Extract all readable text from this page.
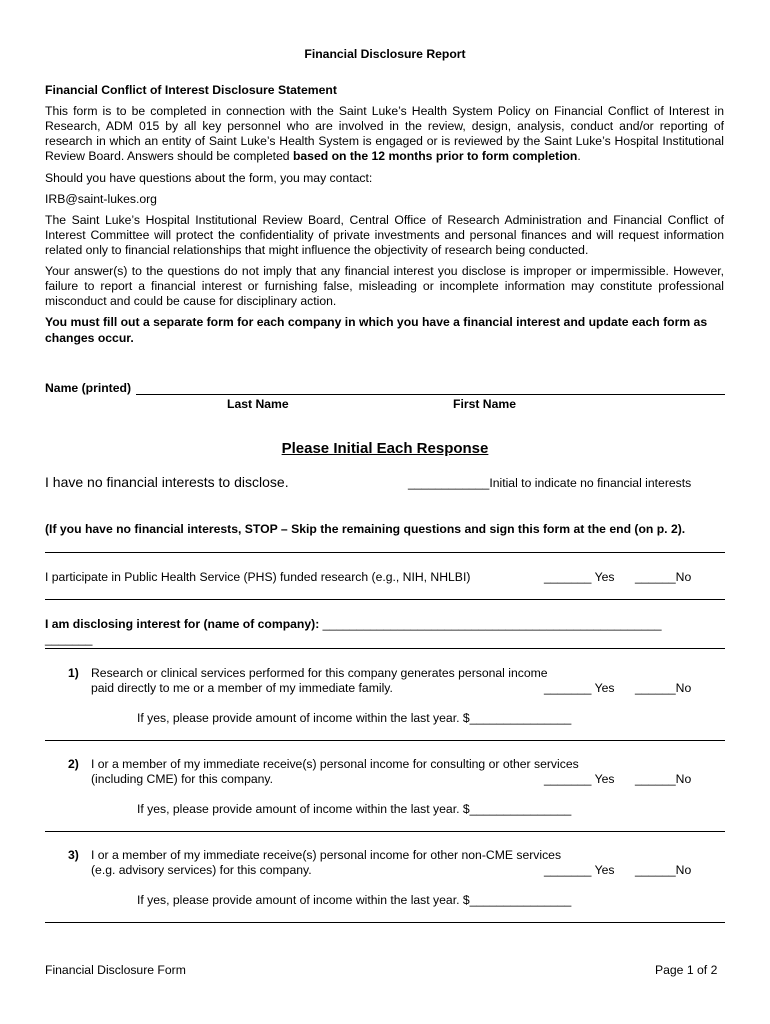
Financial Disclosure Report
Financial Conflict of Interest Disclosure Statement
This form is to be completed in connection with the Saint Luke’s Health System Policy on Financial Conflict of Interest in Research, ADM 015 by all key personnel who are involved in the review, design, analysis, conduct and/or reporting of research in which an entity of Saint Luke’s Health System is engaged or is reviewed by the Saint Luke’s Hospital Institutional Review Board. Answers should be completed based on the 12 months prior to form completion.
Should you have questions about the form, you may contact:
IRB@saint-lukes.org
The Saint Luke’s Hospital Institutional Review Board, Central Office of Research Administration and Financial Conflict of Interest Committee will protect the confidentiality of private investments and personal finances and will request information related only to financial relationships that might influence the objectivity of research being conducted.
Your answer(s) to the questions do not imply that any financial interest you disclose is improper or impermissible. However, failure to report a financial interest or furnishing false, misleading or incomplete information may constitute professional misconduct and could be cause for disciplinary action.
You must fill out a separate form for each company in which you have a financial interest and update each form as changes occur.
Name (printed)
Last Name	First Name
Please Initial Each Response
I have no financial interests to disclose.	____________Initial to indicate no financial interests
(If you have no financial interests, STOP – Skip the remaining questions and sign this form at the end (on p. 2).
I participate in Public Health Service (PHS) funded research (e.g., NIH, NHLBI)	_______ Yes ______No
I am disclosing interest for (name of company): __________________________________________________
_______
1) Research or clinical services performed for this company generates personal income
paid directly to me or a member of my immediate family.	_______ Yes ______No
If yes, please provide amount of income within the last year. $_______________
2) I or a member of my immediate receive(s) personal income for consulting or other services
(including CME) for this company.	_______ Yes ______No
If yes, please provide amount of income within the last year. $_______________
3) I or a member of my immediate receive(s) personal income for other non-CME services
(e.g. advisory services) for this company.	_______ Yes ______No
If yes, please provide amount of income within the last year. $_______________
Financial Disclosure Form	Page 1 of 2
